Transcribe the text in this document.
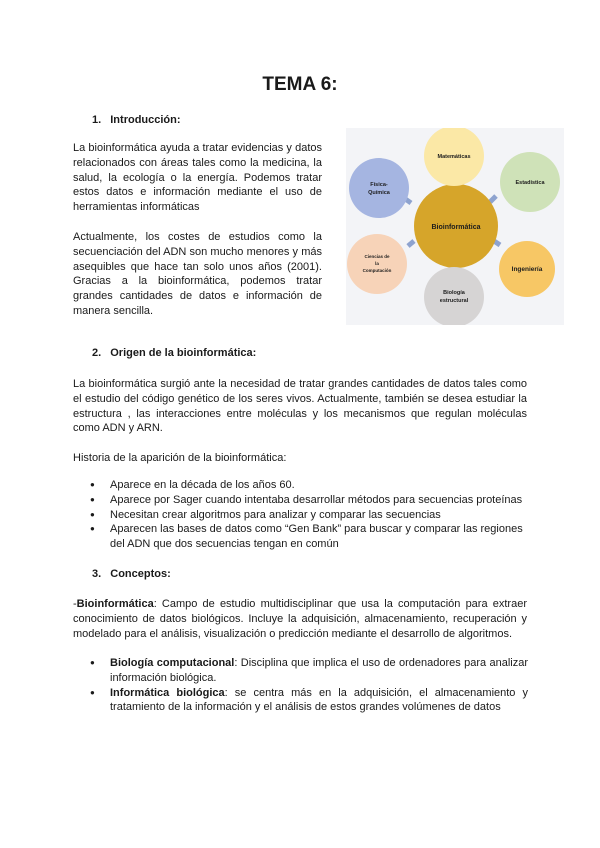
TEMA 6:
1. Introducción:
La bioinformática ayuda a tratar evidencias y datos relacionados con áreas tales como la medicina, la salud, la ecología o la energía. Podemos tratar estos datos e información mediante el uso de herramientas informáticas
Actualmente, los costes de estudios como la secuenciación del ADN son mucho menores y más asequibles que hace tan solo unos años (2001). Gracias a la bioinformática, podemos tratar grandes cantidades de datos e información de manera sencilla.
Bioinformática
Matemáticas
Estadística
Ingeniería
Biología
estructural
Ciencias de
la
Computación
Física-
Química
2. Origen de la bioinformática:
La bioinformática surgió ante la necesidad de tratar grandes cantidades de datos tales como el estudio del código genético de los seres vivos. Actualmente, también se desea estudiar la estructura , las interacciones entre moléculas y los mecanismos que regulan moléculas como ADN y ARN.
Historia de la aparición de la bioinformática:
● Aparece en la década de los años 60.
● Aparece por Sager cuando intentaba desarrollar métodos para secuencias proteínas
● Necesitan crear algoritmos para analizar y comparar las secuencias
● Aparecen las bases de datos como “Gen Bank” para buscar y comparar las regiones del ADN que dos secuencias tengan en común
3. Conceptos:
-Bioinformática: Campo de estudio multidisciplinar que usa la computación para extraer conocimiento de datos biológicos. Incluye la adquisición, almacenamiento, recuperación y modelado para el análisis, visualización o predicción mediante el desarrollo de algoritmos.
● Biología computacional: Disciplina que implica el uso de ordenadores para analizar información biológica.
● Informática biológica: se centra más en la adquisición, el almacenamiento y tratamiento de la información y el análisis de estos grandes volúmenes de datos
